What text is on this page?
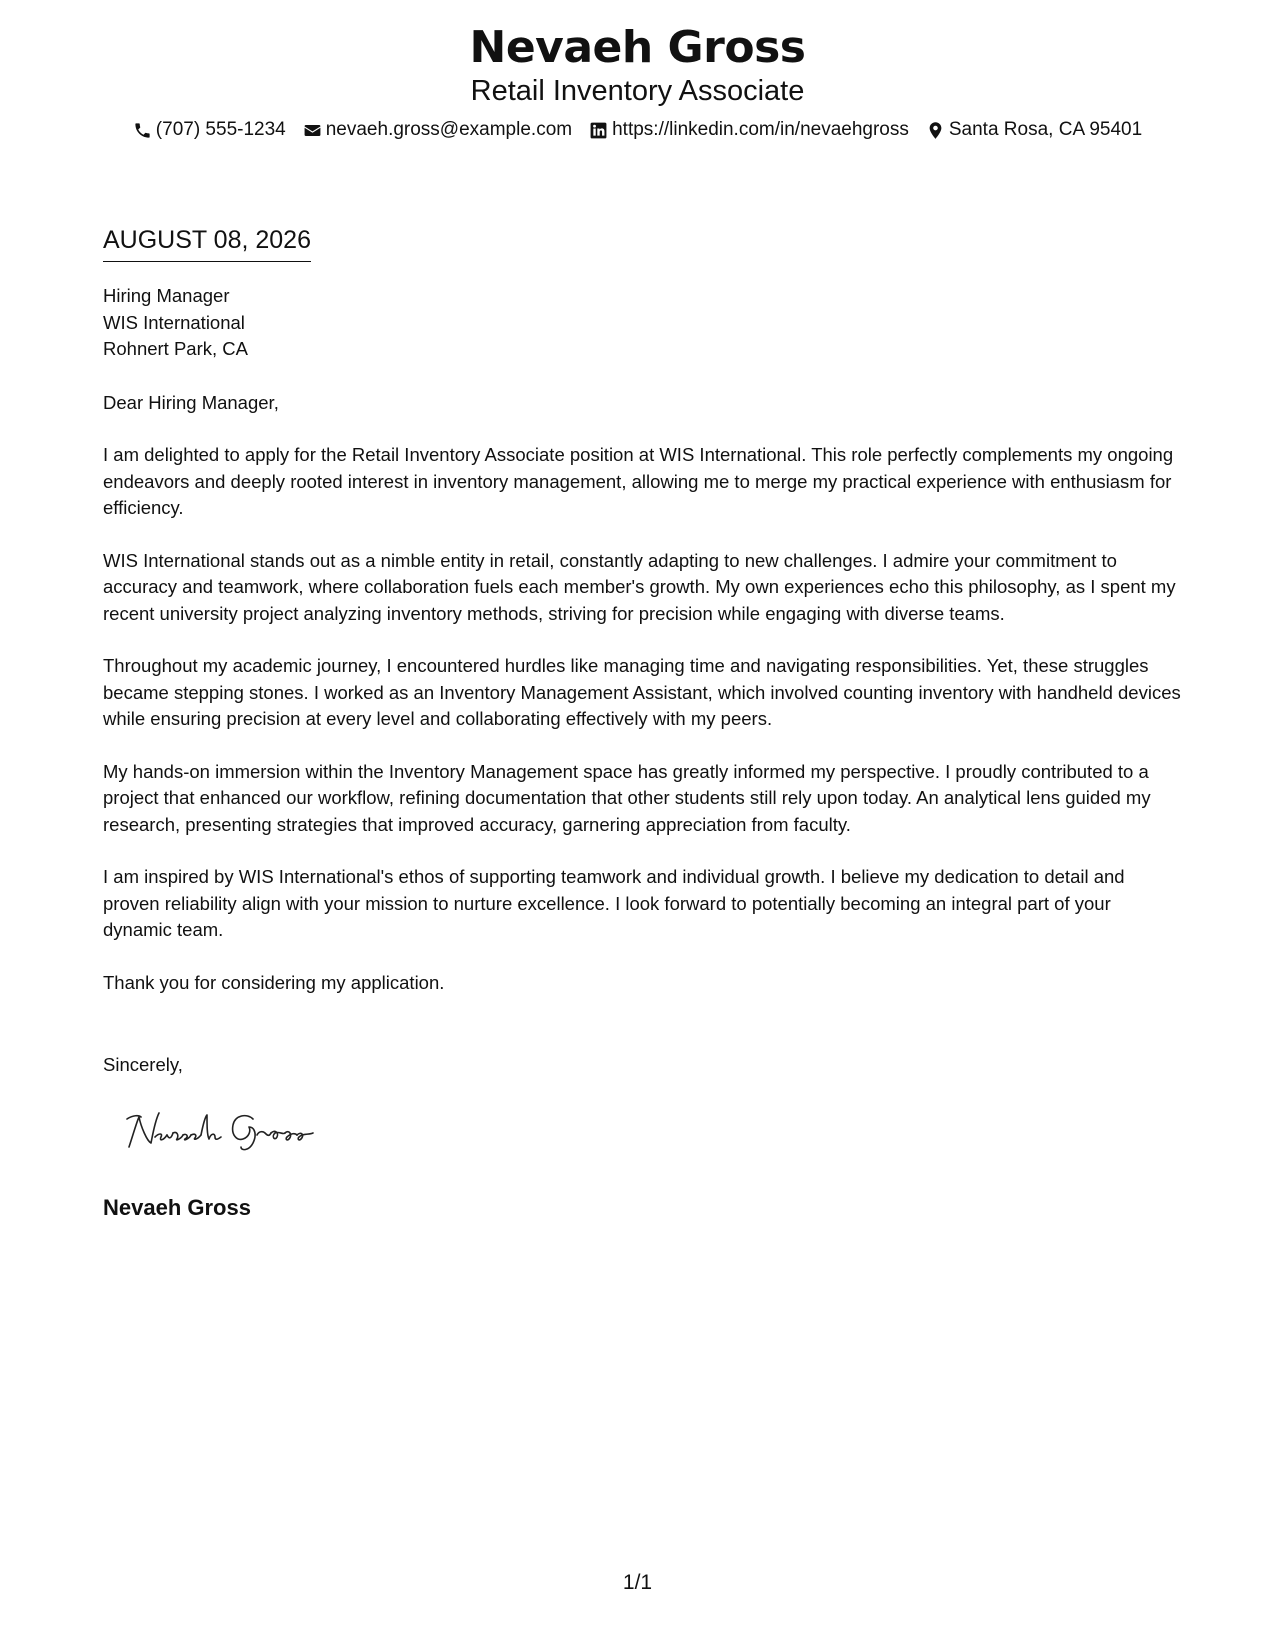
Nevaeh Gross
Retail Inventory Associate
(707) 555-1234 nevaeh.gross@example.com https://linkedin.com/in/nevaehgross Santa Rosa, CA 95401
AUGUST 08, 2026
Hiring Manager
WIS International
Rohnert Park, CA

Dear Hiring Manager,

I am delighted to apply for the Retail Inventory Associate position at WIS International. This role perfectly complements my ongoing endeavors and deeply rooted interest in inventory management, allowing me to merge my practical experience with enthusiasm for efficiency.

WIS International stands out as a nimble entity in retail, constantly adapting to new challenges. I admire your commitment to accuracy and teamwork, where collaboration fuels each member's growth. My own experiences echo this philosophy, as I spent my recent university project analyzing inventory methods, striving for precision while engaging with diverse teams.

Throughout my academic journey, I encountered hurdles like managing time and navigating responsibilities. Yet, these struggles became stepping stones. I worked as an Inventory Management Assistant, which involved counting inventory with handheld devices while ensuring precision at every level and collaborating effectively with my peers.

My hands-on immersion within the Inventory Management space has greatly informed my perspective. I proudly contributed to a project that enhanced our workflow, refining documentation that other students still rely upon today. An analytical lens guided my research, presenting strategies that improved accuracy, garnering appreciation from faculty.

I am inspired by WIS International's ethos of supporting teamwork and individual growth. I believe my dedication to detail and proven reliability align with your mission to nurture excellence. I look forward to potentially becoming an integral part of your dynamic team.

Thank you for considering my application.

Sincerely,
Nevaeh Gross
1/1
